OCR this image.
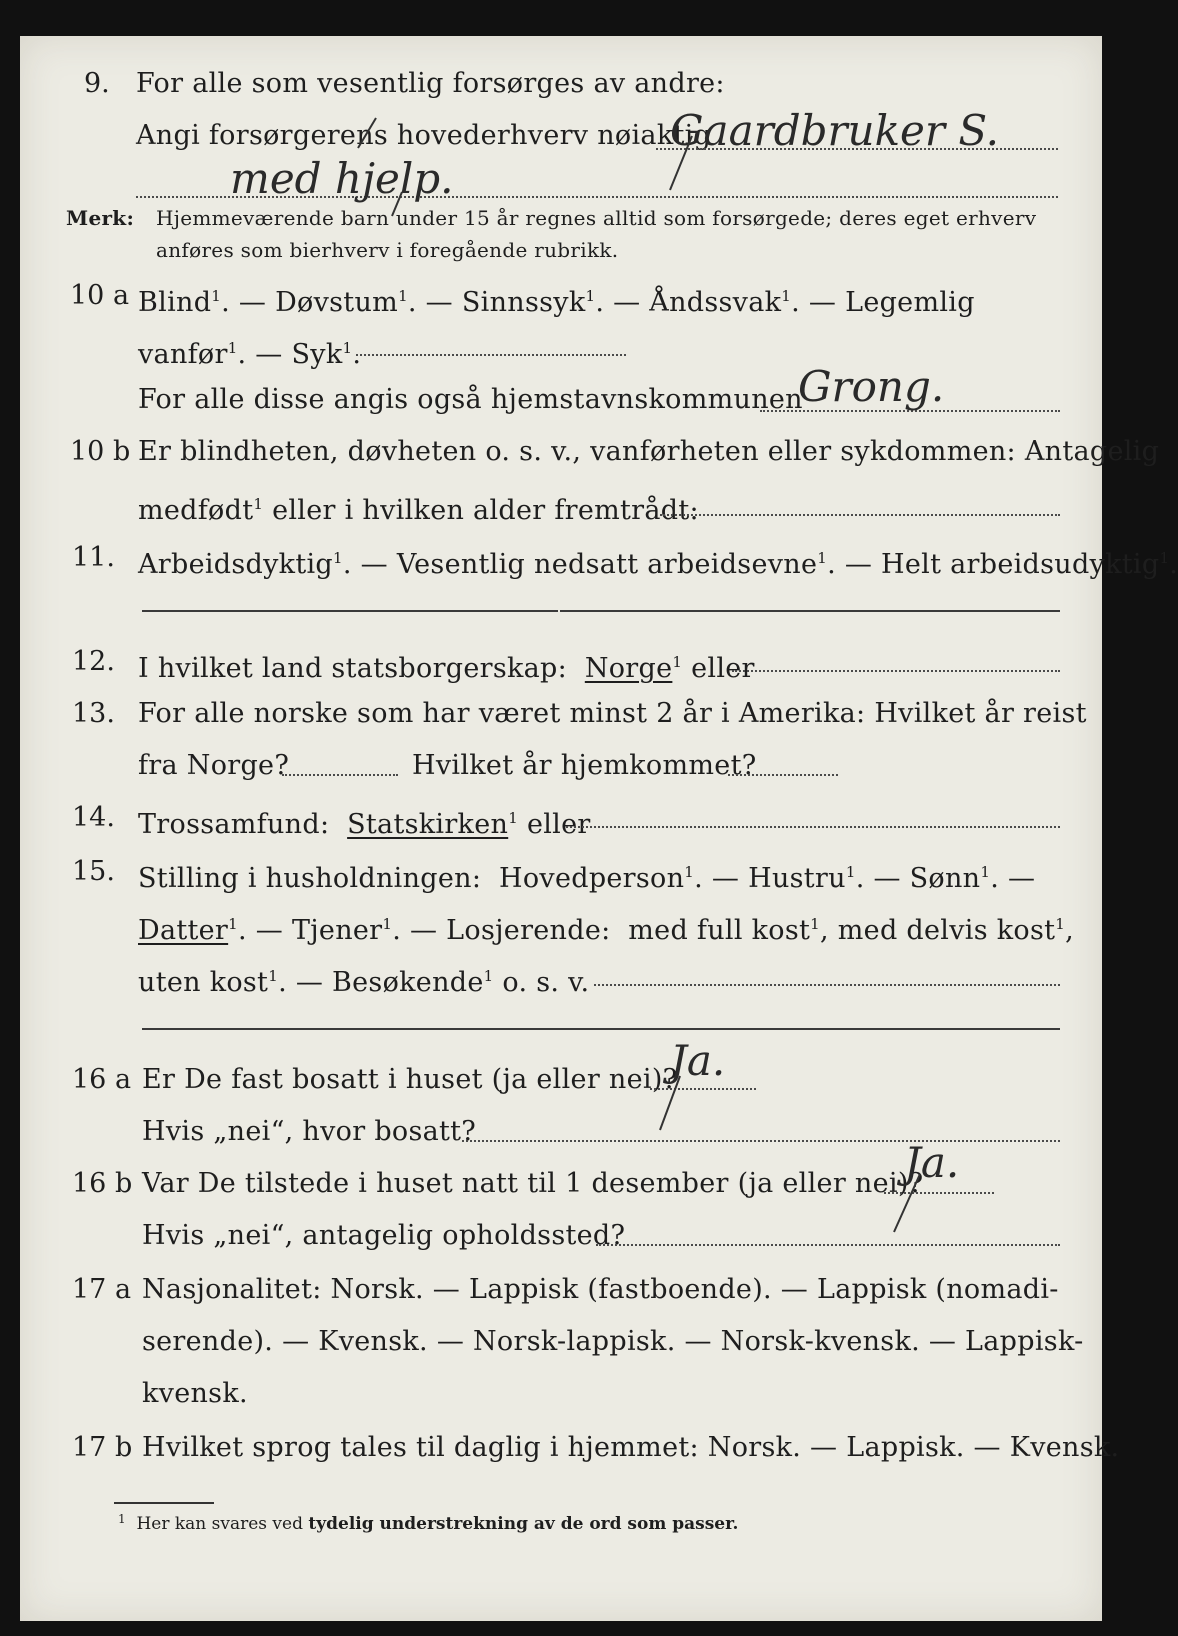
9. For alle som vesentlig forsørges av andre:
Angi forsørgerens hovederhverv nøiaktig
Gaardbruker S.
med hjelp.
Merk: Hjemmeværende barn under 15 år regnes alltid som forsørgede; deres eget erhverv
anføres som bierhverv i foregående rubrikk.
10 a Blind$^1$. — Døvstum$^1$. — Sinnssyk$^1$. — Åndssvak$^1$. — Legemlig
vanfør$^1$. — Syk$^1$.
For alle disse angis også hjemstavnskommunen
Grong.
10 b Er blindheten, døvheten o. s. v., vanførheten eller sykdommen: Antagelig
medfødt$^1$ eller i hvilken alder fremtrådt:
11. Arbeidsdyktig$^1$. — Vesentlig nedsatt arbeidsevne$^1$. — Helt arbeidsudyktig$^1$.
12. I hvilket land statsborgerskap: Norge$^1$ eller
13. For alle norske som har været minst 2 år i Amerika: Hvilket år reist
fra Norge?	Hvilket år hjemkommet?
14. Trossamfund: Statskirken$^1$ eller
15. Stilling i husholdningen: Hovedperson$^1$. — Hustru$^1$. — Sønn$^1$. —
Datter$^1$. — Tjener$^1$. — Losjerende: med full kost$^1$, med delvis kost$^1$,
uten kost$^1$. — Besøkende$^1$ o. s. v.
16 a Er De fast bosatt i huset (ja eller nei)?
Ja.
Hvis „nei“, hvor bosatt?
16 b Var De tilstede i huset natt til 1 desember (ja eller nei)?
Ja.
Hvis „nei“, antagelig opholdssted?
17 a Nasjonalitet: Norsk. — Lappisk (fastboende). — Lappisk (nomadi-
serende). — Kvensk. — Norsk-lappisk. — Norsk-kvensk. — Lappisk-
kvensk.
17 b Hvilket sprog tales til daglig i hjemmet: Norsk. — Lappisk. — Kvensk.
$^1$ Her kan svares ved tydelig understrekning av de ord som passer.
